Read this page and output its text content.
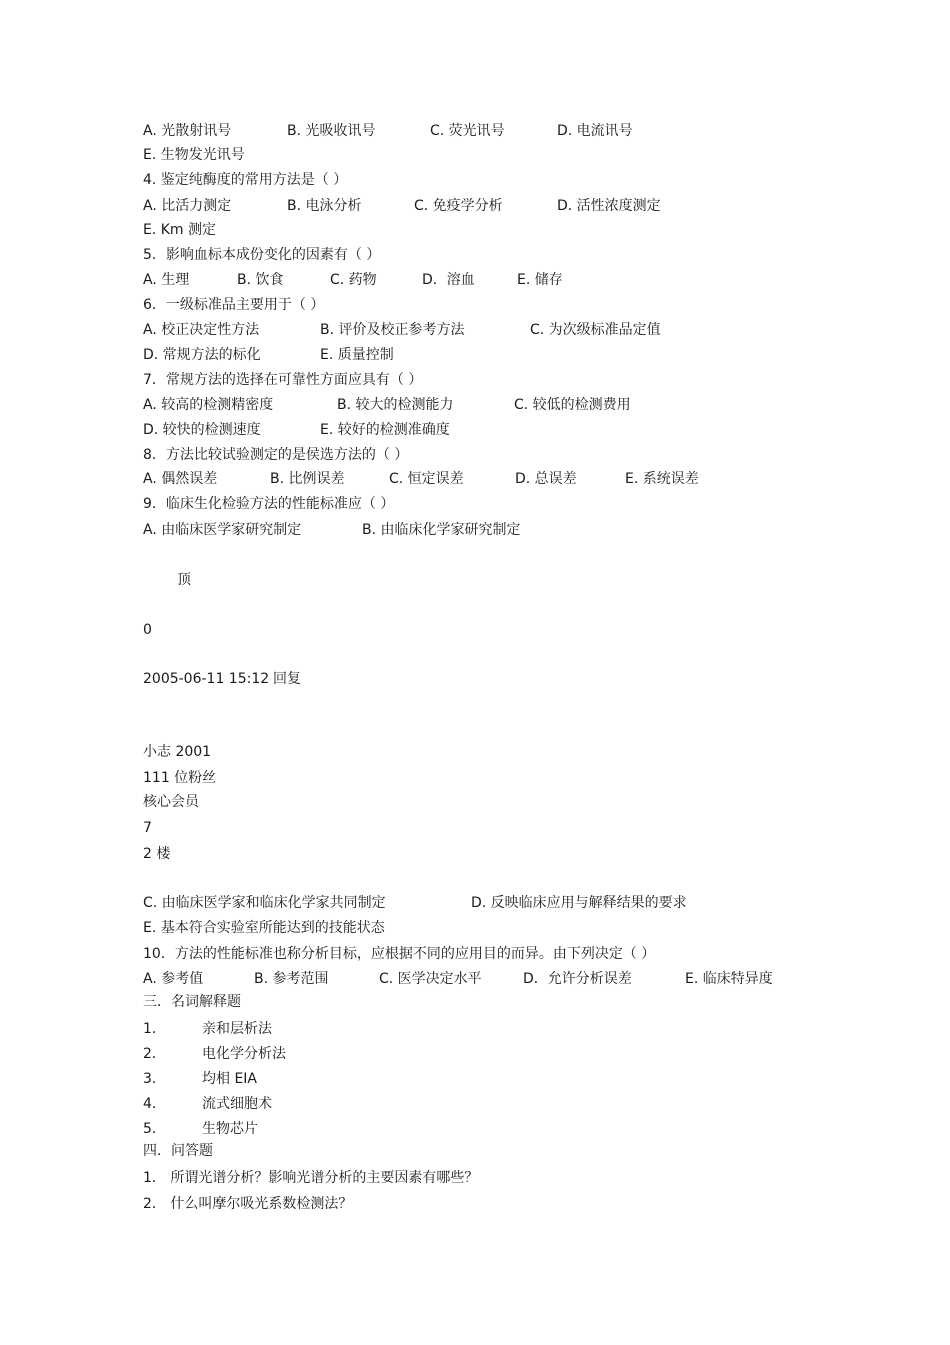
A. 光散射讯号	B. 光吸收讯号	C. 荧光讯号	D. 电流讯号
E. 生物发光讯号
4. 鉴定纯酶度的常用方法是（ ）
A. 比活力测定	B. 电泳分析	C. 免疫学分析	D. 活性浓度测定
E. Km 测定
5．影响血标本成份变化的因素有（ ）
A. 生理	B. 饮食	C. 药物	D．溶血	E. 储存
6．一级标准品主要用于（ ）
A. 校正决定性方法	B. 评价及校正参考方法	C. 为次级标准品定值
D. 常规方法的标化	E. 质量控制
7．常规方法的选择在可靠性方面应具有（ ）
A. 较高的检测精密度	B. 较大的检测能力	C. 较低的检测费用
D. 较快的检测速度	E. 较好的检测准确度
8．方法比较试验测定的是侯选方法的（ ）
A. 偶然误差	B. 比例误差	C. 恒定误差	D. 总误差	E. 系统误差
9．临床生化检验方法的性能标准应（ ）
A. 由临床医学家研究制定	B. 由临床化学家研究制定
顶
0
2005-06-11 15:12 回复
小志 2001
111 位粉丝
核心会员
7
2 楼
C. 由临床医学家和临床化学家共同制定	D. 反映临床应用与解释结果的要求
E. 基本符合实验室所能达到的技能状态
10．方法的性能标准也称分析目标，应根据不同的应用目的而异。由下列决定（ ）
A. 参考值	B. 参考范围	C. 医学决定水平	D．允许分析误差	E. 临床特异度
三．名词解释题
1．	亲和层析法
2．	电化学分析法
3．	均相 EIA
4．	流式细胞术
5．	生物芯片
四．问答题
1． 所谓光谱分析？影响光谱分析的主要因素有哪些？
2． 什么叫摩尔吸光系数检测法？
